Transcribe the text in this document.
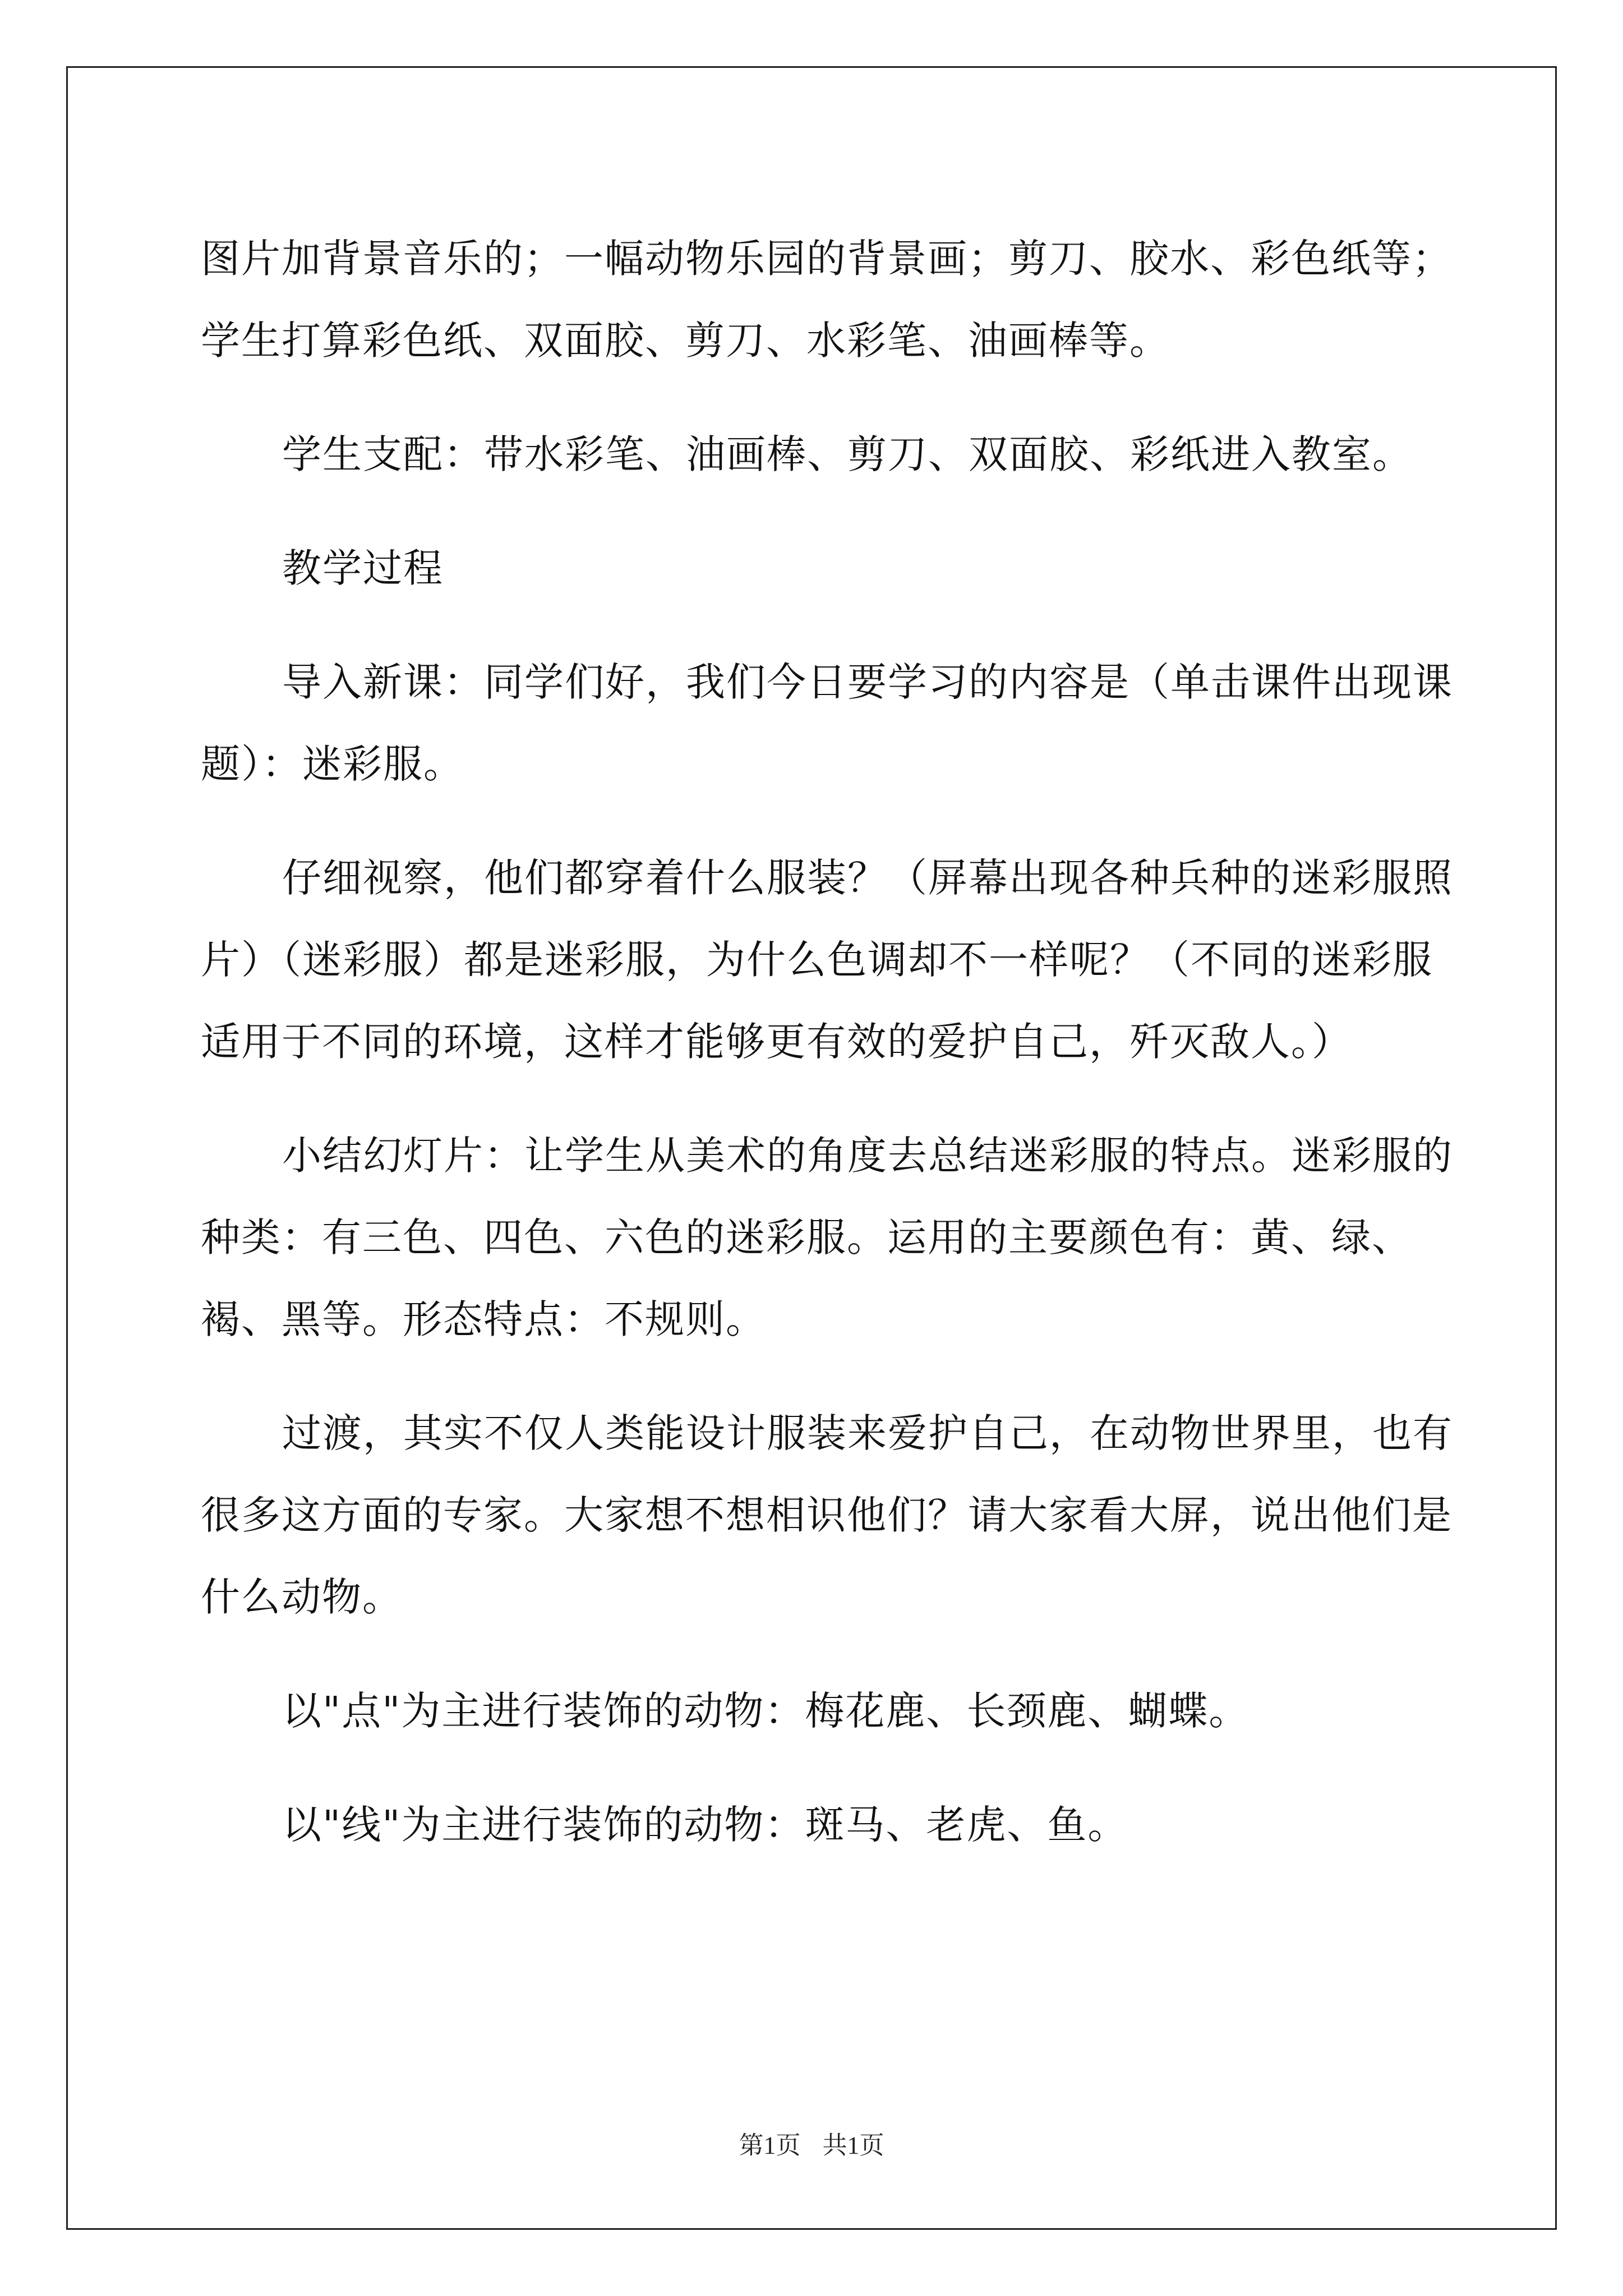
图片加背景音乐的；一幅动物乐园的背景画；剪刀、胶水、彩色纸等；学生打算彩色纸、双面胶、剪刀、水彩笔、油画棒等。

学生支配：带水彩笔、油画棒、剪刀、双面胶、彩纸进入教室。

教学过程

导入新课：同学们好，我们今日要学习的内容是（单击课件出现课题）：迷彩服。

仔细视察，他们都穿着什么服装？（屏幕出现各种兵种的迷彩服照片）（迷彩服）都是迷彩服，为什么色调却不一样呢？（不同的迷彩服适用于不同的环境，这样才能够更有效的爱护自己，歼灭敌人。）

小结幻灯片：让学生从美术的角度去总结迷彩服的特点。迷彩服的种类：有三色、四色、六色的迷彩服。运用的主要颜色有：黄、绿、褐、黑等。形态特点：不规则。

过渡，其实不仅人类能设计服装来爱护自己，在动物世界里，也有很多这方面的专家。大家想不想相识他们？请大家看大屏，说出他们是什么动物。

以"点"为主进行装饰的动物：梅花鹿、长颈鹿、蝴蝶。

以"线"为主进行装饰的动物：斑马、老虎、鱼。

第1页 共1页
